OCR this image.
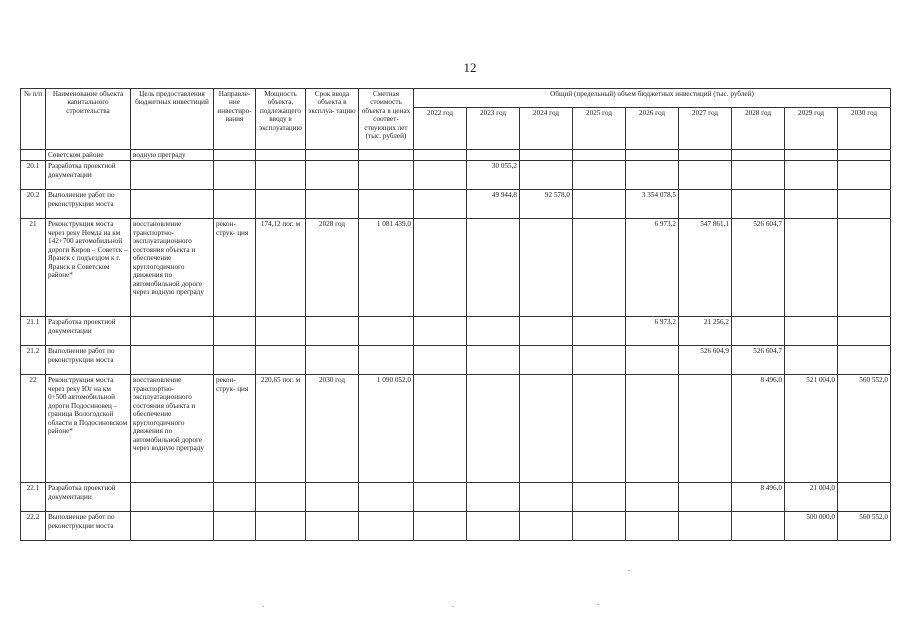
12
№ п/п	Наименование объекта капитального строительства	Цель предоставления бюджетных инвестиций	Направле- ние инвестиро- вания	Мощность объекта, подлежащего вводу в эксплуатацию	Срок ввода объекта в эксплуа- тацию	Сметная стоимость объекта в ценах соответ- ствующих лет (тыс. рублей)	Общий (предельный) объем бюджетных инвестиций (тыс. рублей)								
							2022 год	2023 год	2024 год	2025 год	2026 год	2027 год	2028 год	2029 год	2030 год
	Советском районе	водную преграду													
20.1	Разработка проектной документации							30 055,2							
20.2	Выполнение работ по реконструкции моста							49 944,8	92 578,0		3 354 078,5				
21	Реконструкция моста через реку Немда на км 142+700 автомобильной дороги Киров – Советск – Яранск с подъездом к г. Яранск в Советском районе*	восстановление транспортно-эксплуатационного состояния объекта и обеспечение круглогодичного движения по автомобильной дороге через водную преграду	рекон- струк- ция	174,12 пог. м	2028 год	1 081 439,0					6 973,2	547 861,1	526 604,7		
21.1	Разработка проектной документации										6 973,2	21 256,2			
21.2	Выполнение работ по реконструкции моста											526 604,9	526 604,7		
22	Реконструкция моста через реку Юг на км 0+500 автомобильной дороги Подосиновец – граница Вологодской области в Подосиновском районе*	восстановление транспортно-эксплуатационного состояния объекта и обеспечение круглогодичного движения по автомобильной дороге через водную преграду	рекон- струк- ция	220,65 пог. м	2030 год	1 090 052,0							8 496,0	521 004,0	560 552,0
22.1	Разработка проектной документации												8 496,0	21 004,0	
22.2	Выполнение работ по реконструкции моста													500 000,0	560 552,0
